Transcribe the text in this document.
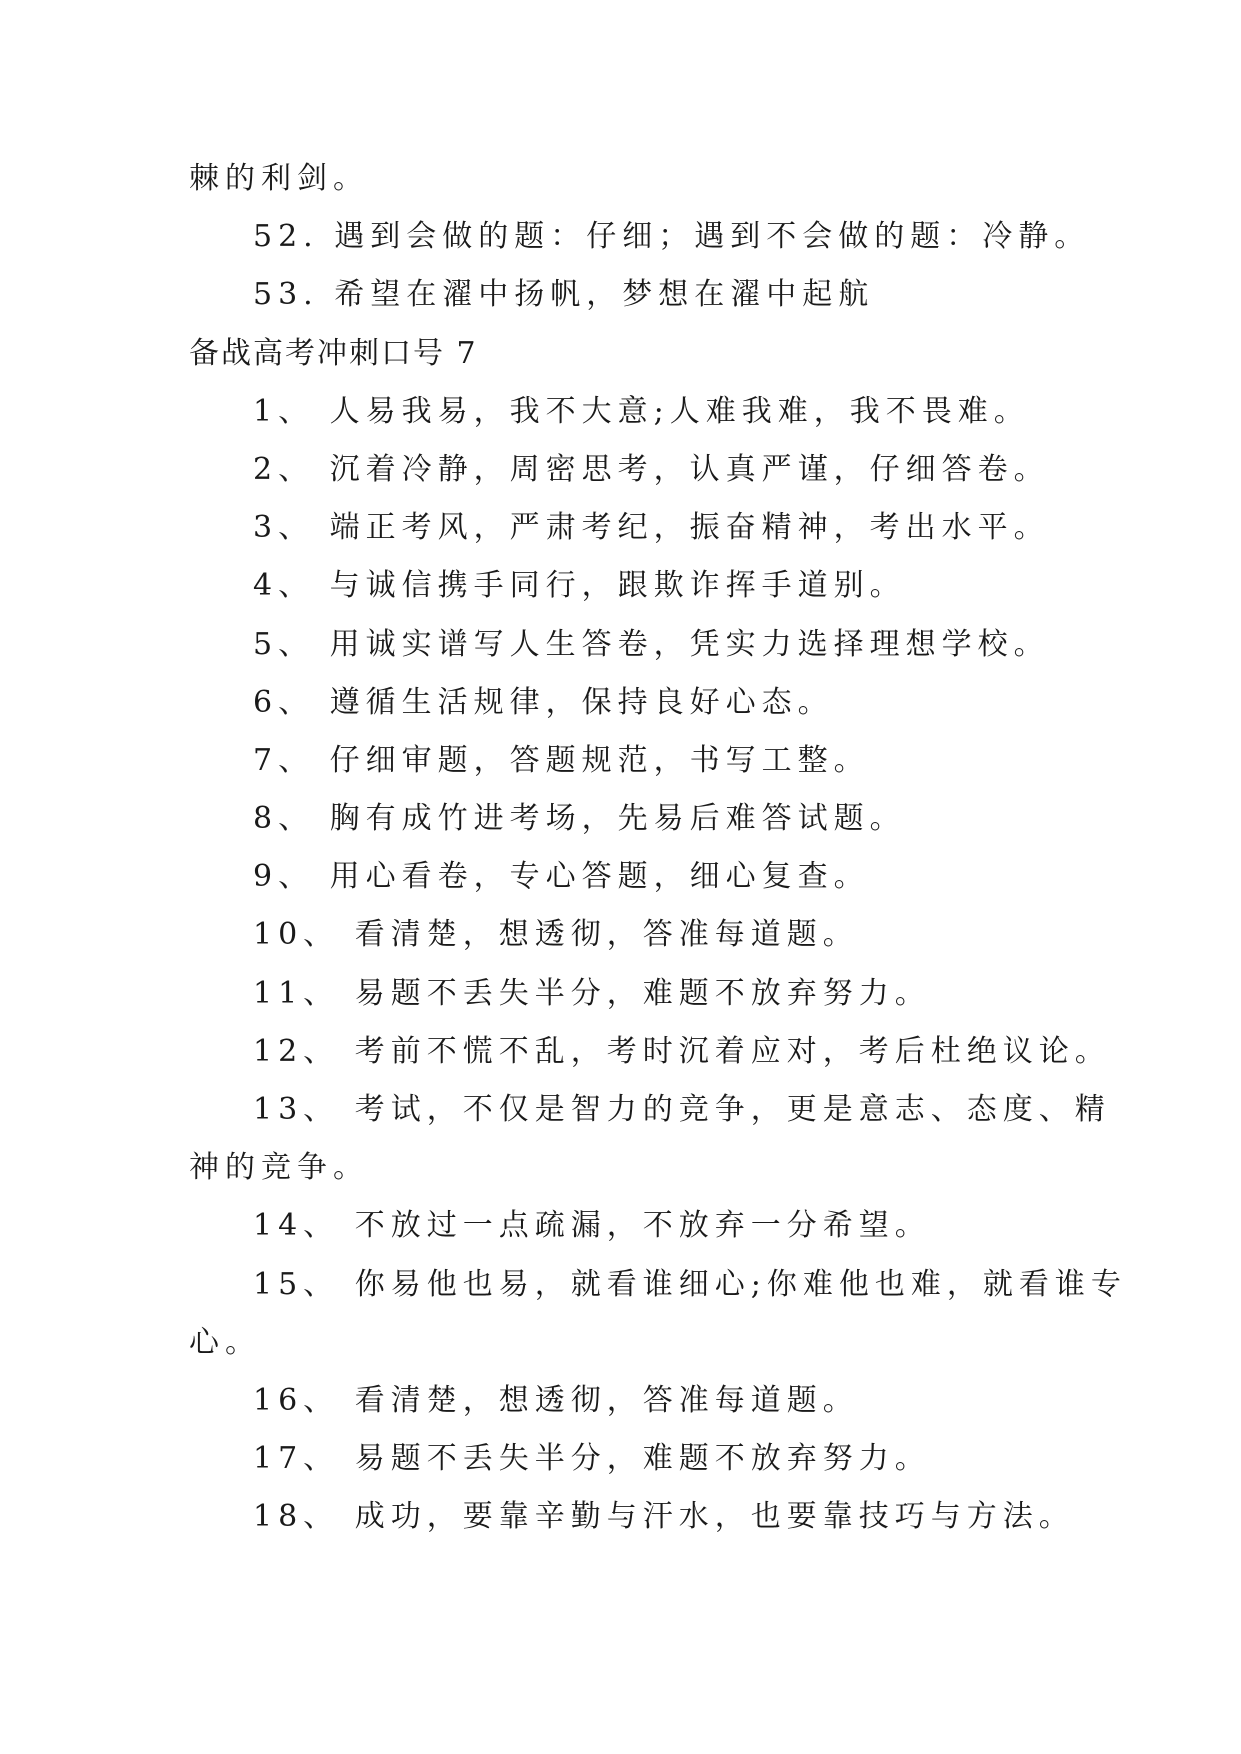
棘的利剑。
52. 遇到会做的题：仔细；遇到不会做的题：冷静。
53. 希望在濯中扬帆，梦想在濯中起航
备战高考冲刺口号 7
1、 人易我易，我不大意;人难我难，我不畏难。
2、 沉着冷静，周密思考，认真严谨，仔细答卷。
3、 端正考风，严肃考纪，振奋精神，考出水平。
4、 与诚信携手同行，跟欺诈挥手道别。
5、 用诚实谱写人生答卷，凭实力选择理想学校。
6、 遵循生活规律，保持良好心态。
7、 仔细审题，答题规范，书写工整。
8、 胸有成竹进考场，先易后难答试题。
9、 用心看卷，专心答题，细心复查。
10、 看清楚，想透彻，答准每道题。
11、 易题不丢失半分，难题不放弃努力。
12、 考前不慌不乱，考时沉着应对，考后杜绝议论。
13、 考试，不仅是智力的竞争，更是意志、态度、精
神的竞争。
14、 不放过一点疏漏，不放弃一分希望。
15、 你易他也易，就看谁细心;你难他也难，就看谁专
心。
16、 看清楚，想透彻，答准每道题。
17、 易题不丢失半分，难题不放弃努力。
18、 成功，要靠辛勤与汗水，也要靠技巧与方法。
